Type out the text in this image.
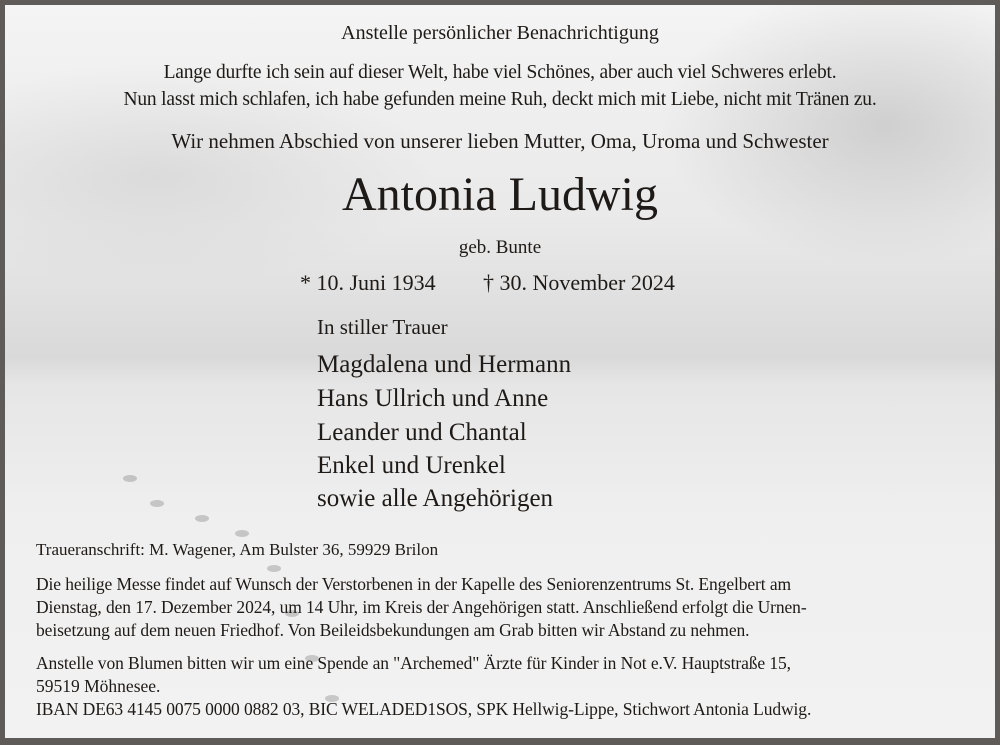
Anstelle persönlicher Benachrichtigung
Lange durfte ich sein auf dieser Welt, habe viel Schönes, aber auch viel Schweres erlebt.
Nun lasst mich schlafen, ich habe gefunden meine Ruh, deckt mich mit Liebe, nicht mit Tränen zu.
Wir nehmen Abschied von unserer lieben Mutter, Oma, Uroma und Schwester
Antonia Ludwig
geb. Bunte
* 10. Juni 1934 † 30. November 2024
In stiller Trauer
Magdalena und Hermann
Hans Ullrich und Anne
Leander und Chantal
Enkel und Urenkel
sowie alle Angehörigen
Traueranschrift: M. Wagener, Am Bulster 36, 59929 Brilon
Die heilige Messe findet auf Wunsch der Verstorbenen in der Kapelle des Seniorenzentrums St. Engelbert am
Dienstag, den 17. Dezember 2024, um 14 Uhr, im Kreis der Angehörigen statt. Anschließend erfolgt die Urnen-
beisetzung auf dem neuen Friedhof. Von Beileidsbekundungen am Grab bitten wir Abstand zu nehmen.
Anstelle von Blumen bitten wir um eine Spende an "Archemed" Ärzte für Kinder in Not e.V. Hauptstraße 15,
59519 Möhnesee.
IBAN DE63 4145 0075 0000 0882 03, BIC WELADED1SOS, SPK Hellwig-Lippe, Stichwort Antonia Ludwig.
